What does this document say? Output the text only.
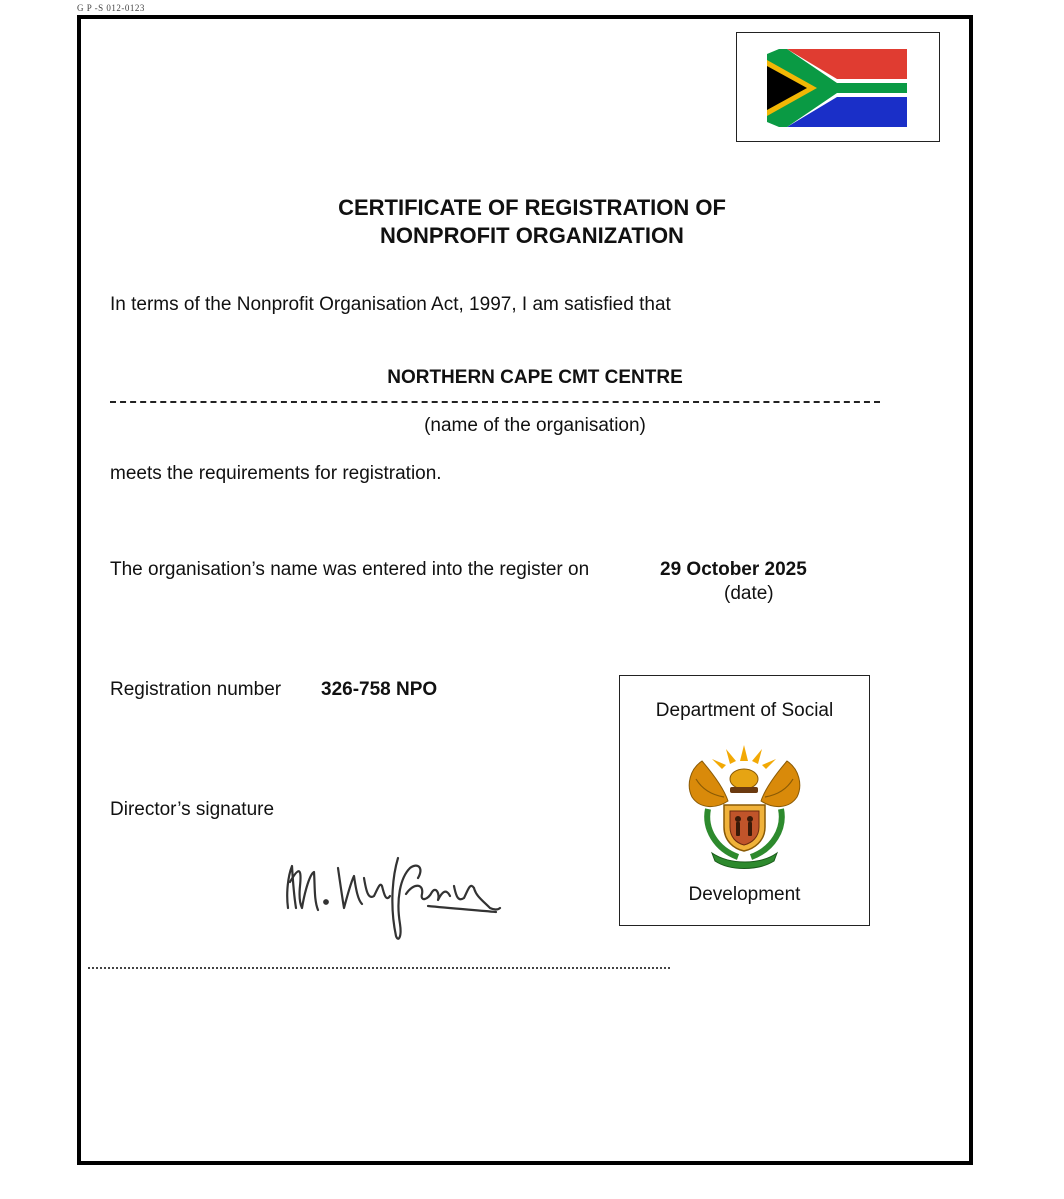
G P -S 012-0123
CERTIFICATE OF REGISTRATION OF
NONPROFIT ORGANIZATION
In terms of the Nonprofit Organisation Act, 1997, I am satisfied that
NORTHERN CAPE CMT CENTRE
(name of the organisation)
meets the requirements for registration.
The organisation’s name was entered into the register on	29 October 2025
(date)
Registration number 326-758 NPO
Director’s signature
Department of Social
Development
